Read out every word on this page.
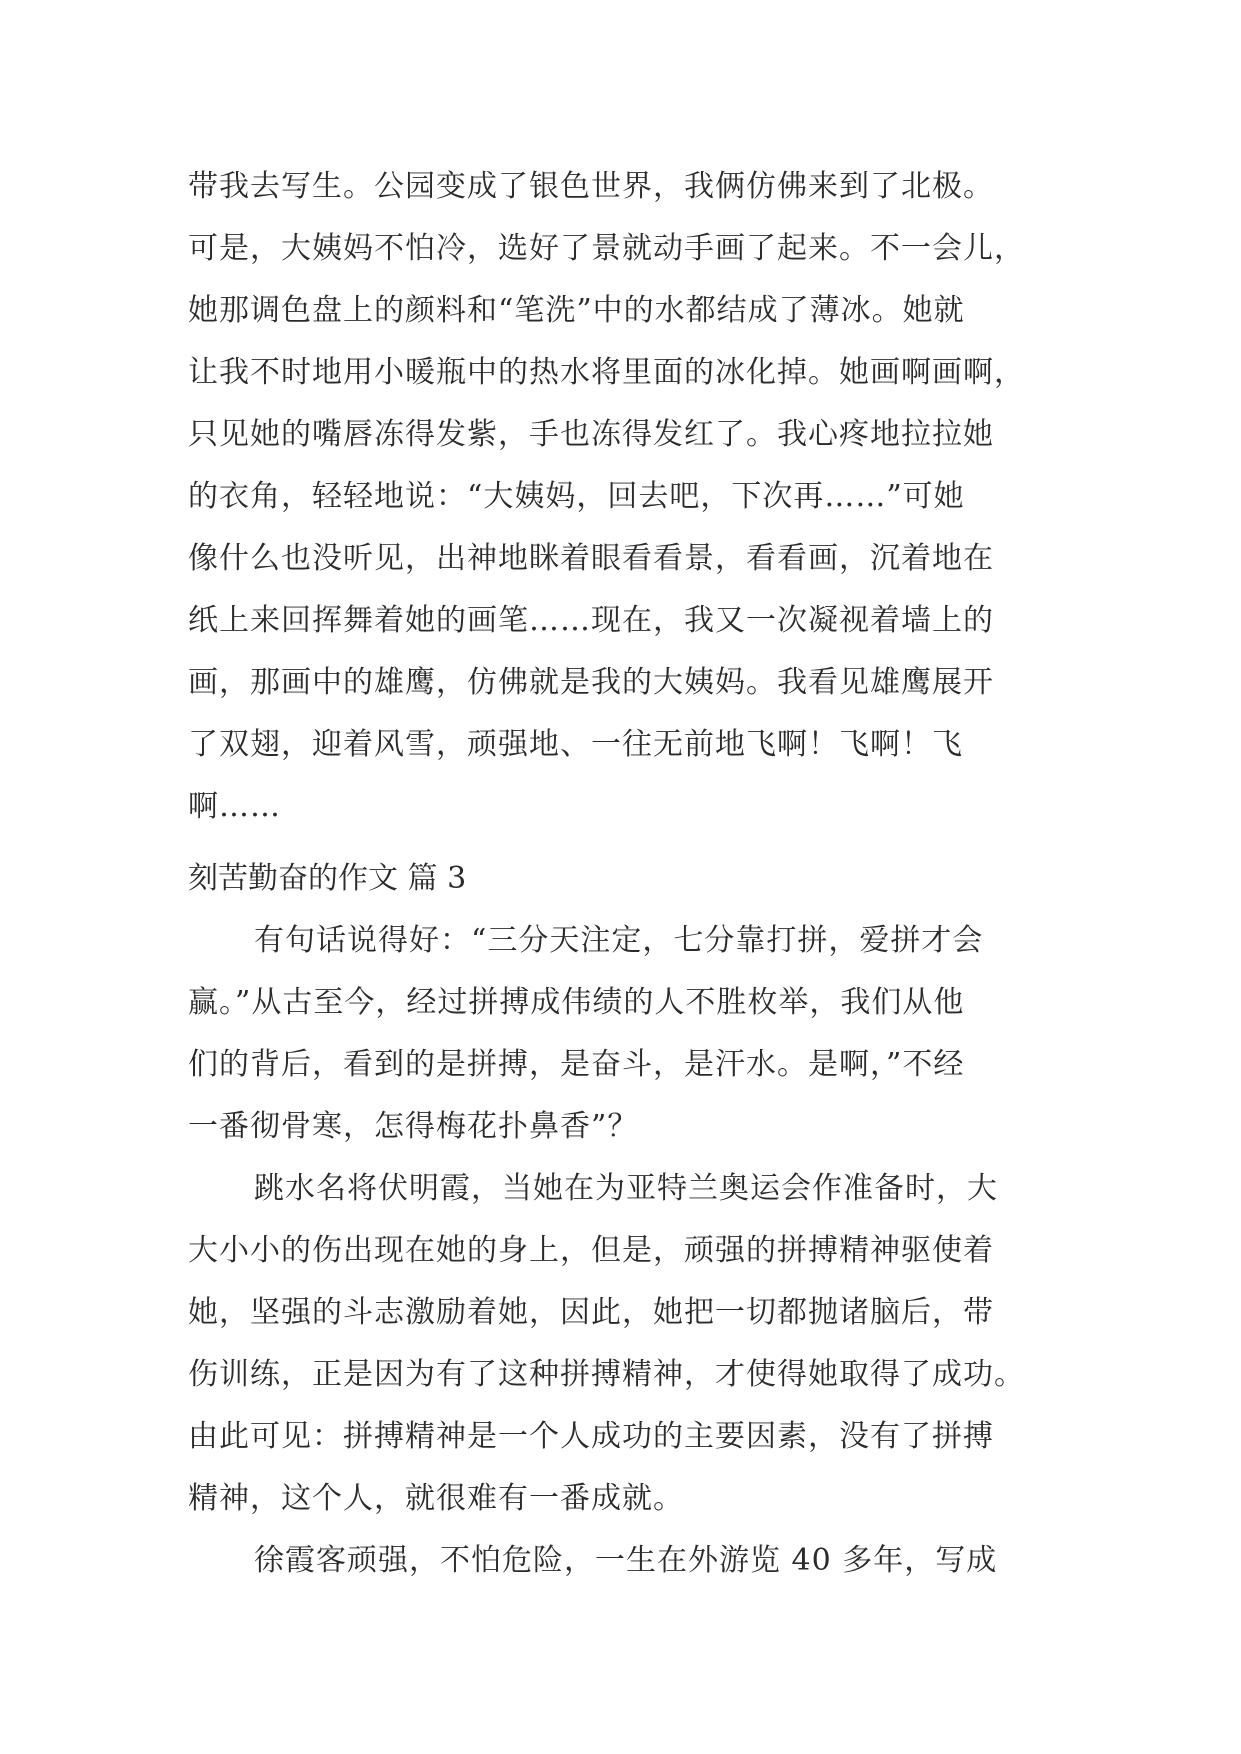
带我去写生。公园变成了银色世界，我俩仿佛来到了北极。
可是，大姨妈不怕冷，选好了景就动手画了起来。不一会儿，
她那调色盘上的颜料和“笔洗”中的水都结成了薄冰。她就
让我不时地用小暖瓶中的热水将里面的冰化掉。她画啊画啊，
只见她的嘴唇冻得发紫，手也冻得发红了。我心疼地拉拉她
的衣角，轻轻地说：“大姨妈，回去吧，下次再……”可她
像什么也没听见，出神地眯着眼看看景，看看画，沉着地在
纸上来回挥舞着她的画笔……现在，我又一次凝视着墙上的
画，那画中的雄鹰，仿佛就是我的大姨妈。我看见雄鹰展开
了双翅，迎着风雪，顽强地、一往无前地飞啊！飞啊！飞
啊……
刻苦勤奋的作文 篇 3
有句话说得好：“三分天注定，七分靠打拼，爱拼才会
赢。”从古至今，经过拼搏成伟绩的人不胜枚举，我们从他
们的背后，看到的是拼搏，是奋斗，是汗水。是啊，”不经
一番彻骨寒，怎得梅花扑鼻香”？
跳水名将伏明霞，当她在为亚特兰奥运会作准备时，大
大小小的伤出现在她的身上，但是，顽强的拼搏精神驱使着
她，坚强的斗志激励着她，因此，她把一切都抛诸脑后，带
伤训练，正是因为有了这种拼搏精神，才使得她取得了成功。
由此可见：拼搏精神是一个人成功的主要因素，没有了拼搏
精神，这个人，就很难有一番成就。
徐霞客顽强，不怕危险，一生在外游览 40 多年，写成
